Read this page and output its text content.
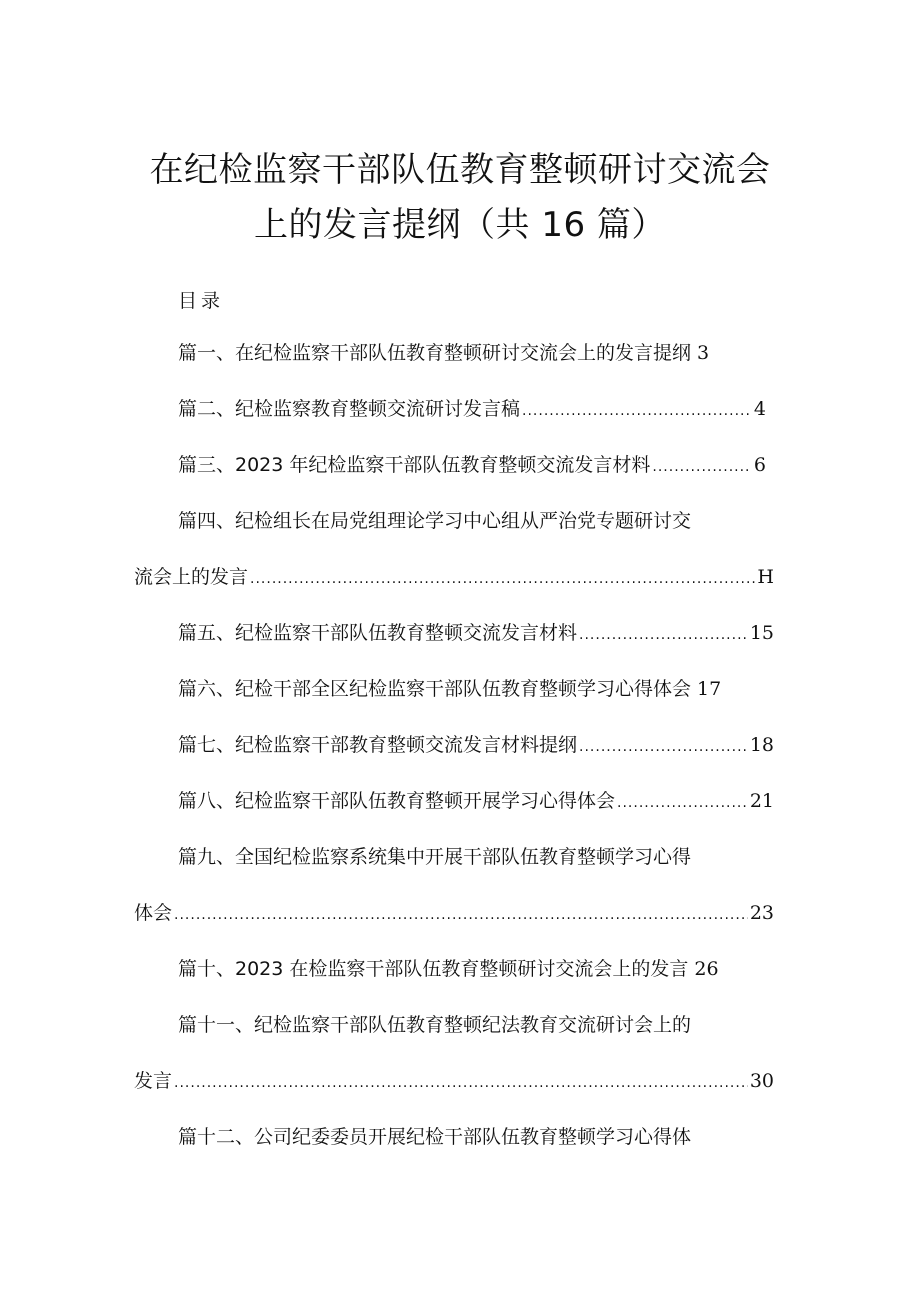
在纪检监察干部队伍教育整顿研讨交流会
上的发言提纲（共 16 篇）
目录
篇一、在纪检监察干部队伍教育整顿研讨交流会上的发言提纲 3
篇二、纪检监察教育整顿交流研讨发言稿 .....	4
篇三、2023 年纪检监察干部队伍教育整顿交流发言材料 .....	6
篇四、纪检组长在局党组理论学习中心组从严治党专题研讨交
流会上的发言 .....	H
篇五、纪检监察干部队伍教育整顿交流发言材料 .....	15
篇六、纪检干部全区纪检监察干部队伍教育整顿学习心得体会 17
篇七、纪检监察干部教育整顿交流发言材料提纲 .....	18
篇八、纪检监察干部队伍教育整顿开展学习心得体会 .....	21
篇九、全国纪检监察系统集中开展干部队伍教育整顿学习心得
体会 .....	23
篇十、2023 在检监察干部队伍教育整顿研讨交流会上的发言 26
篇十一、纪检监察干部队伍教育整顿纪法教育交流研讨会上的
发言 .....	30
篇十二、公司纪委委员开展纪检干部队伍教育整顿学习心得体
